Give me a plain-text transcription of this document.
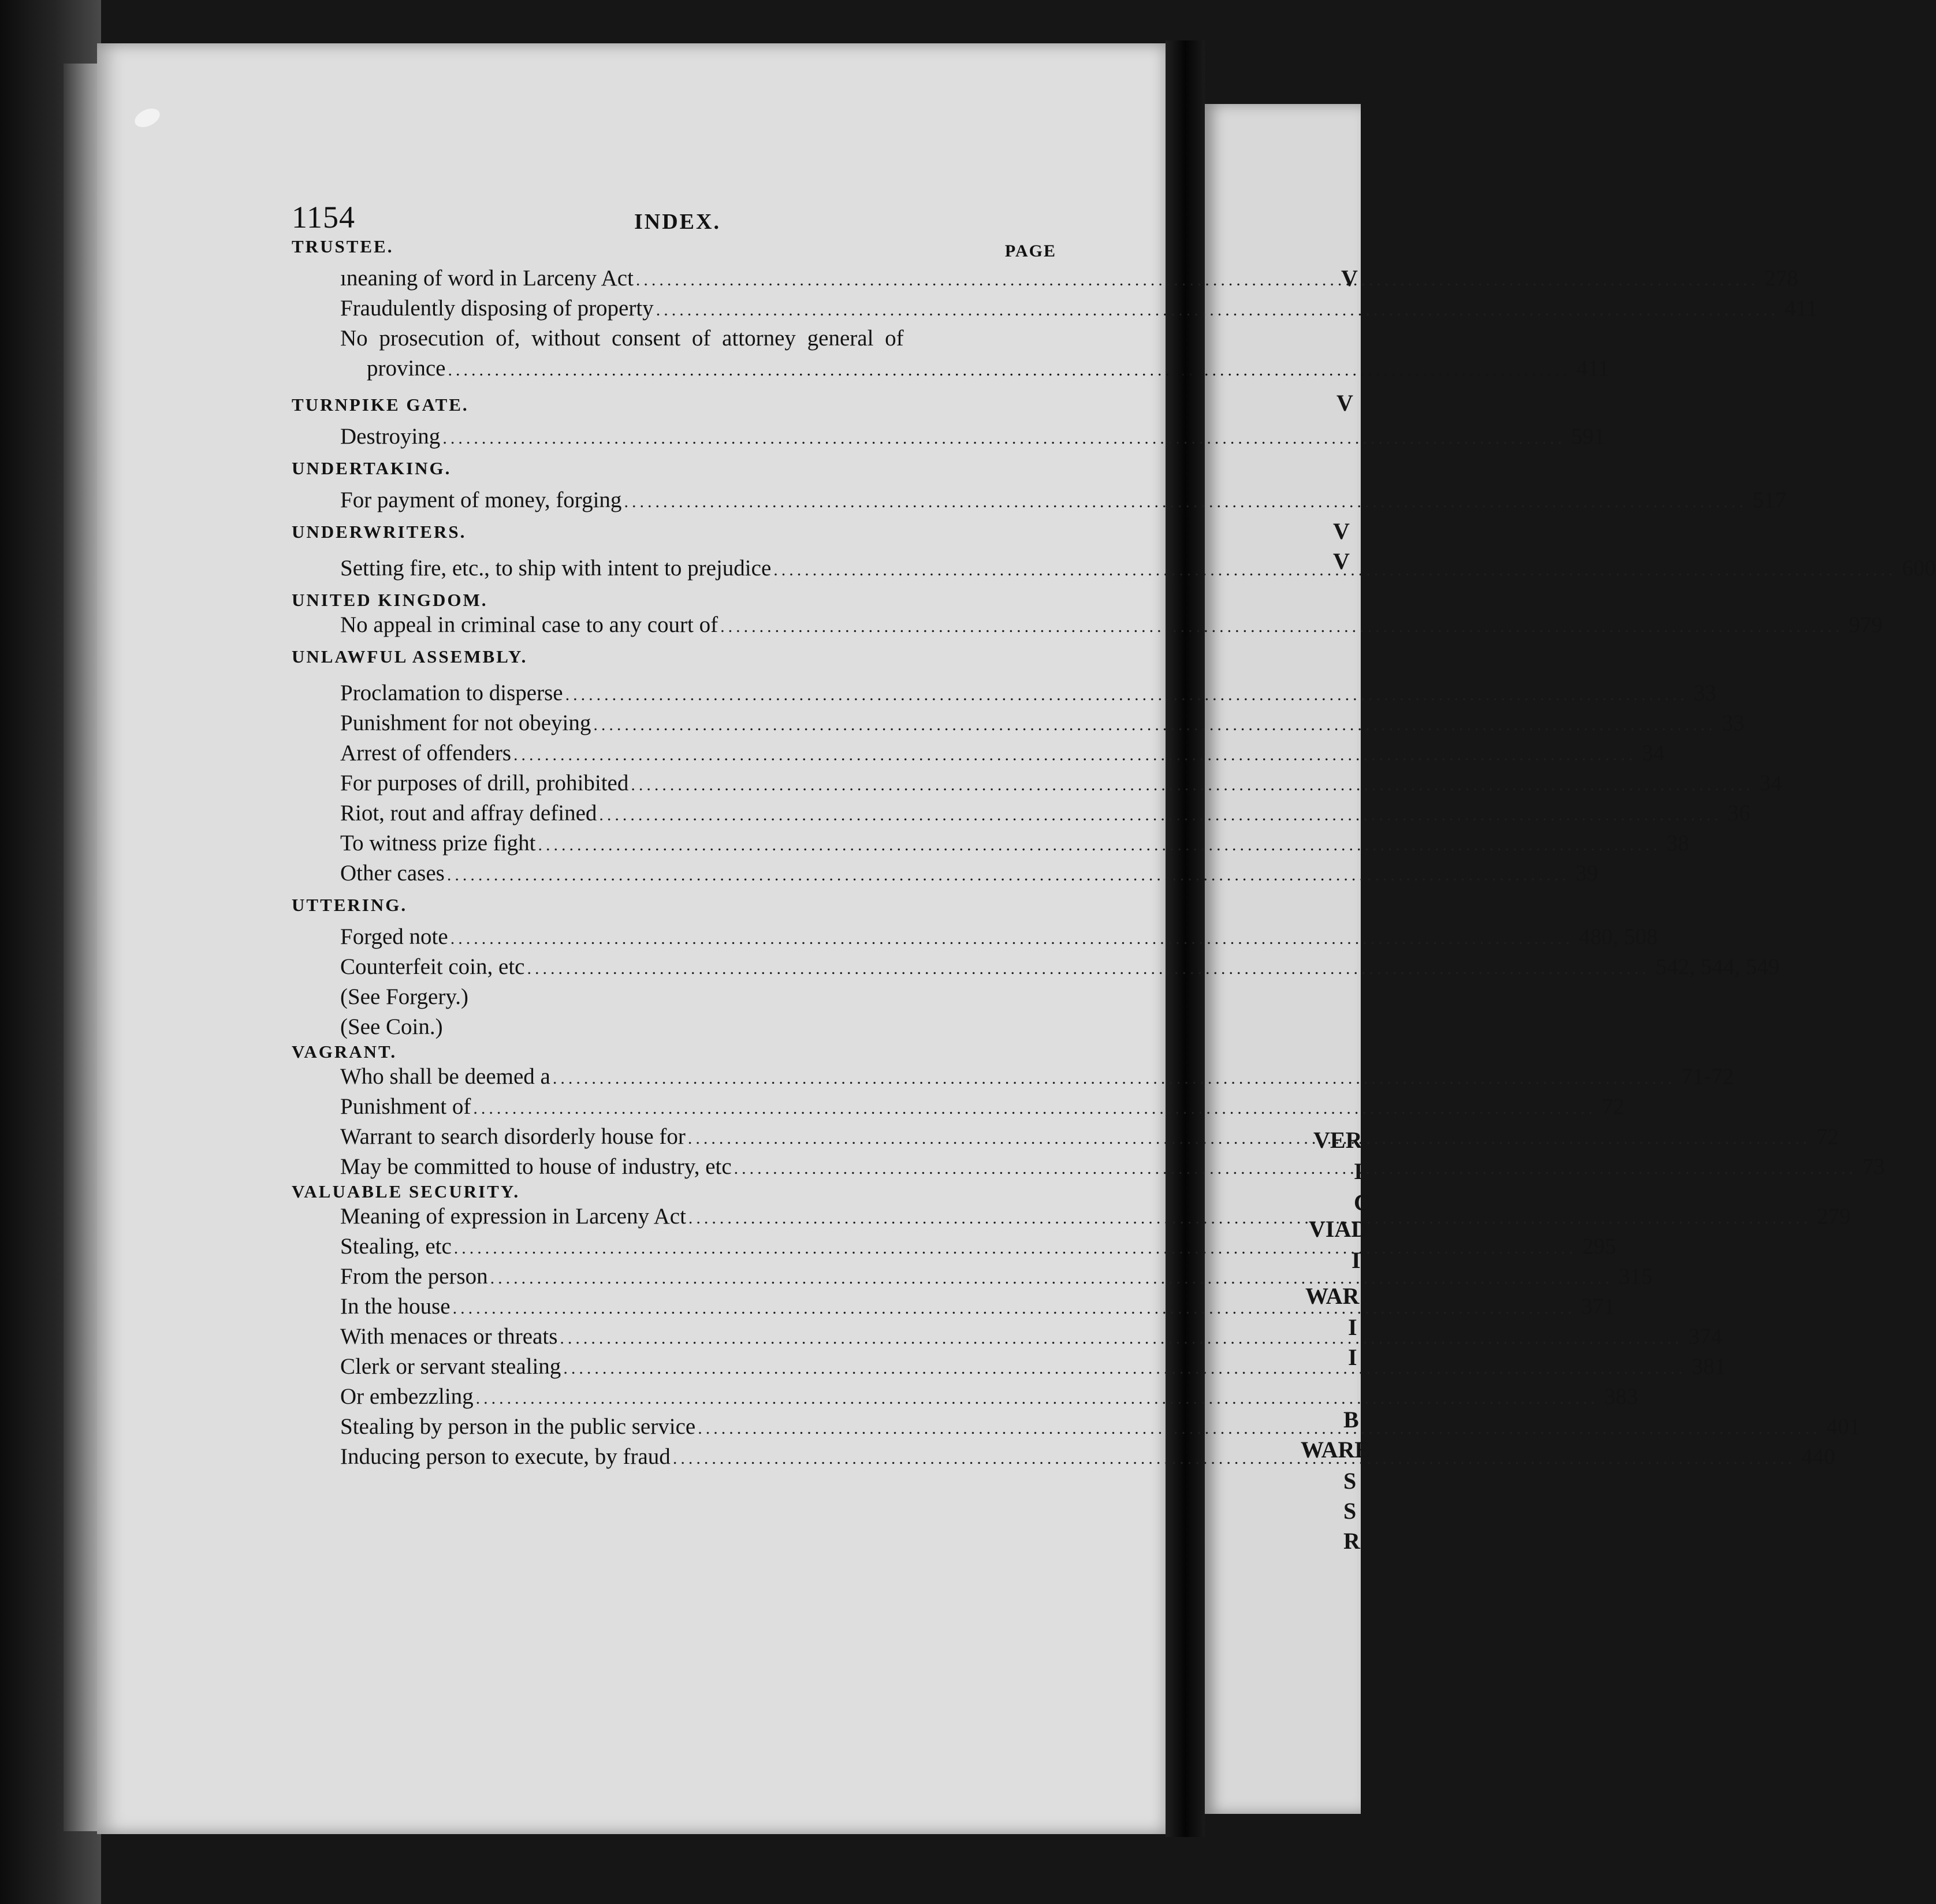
V
V
V
V
VER
I
C
VIAD
I
WAR
I
I
B
WARE
S
S
R
1154	INDEX.
PAGE
TRUSTEE.
ıneaning of word in Larceny Act .....	278
Fraudulently disposing of property .....	411
No prosecution of, without consent of attorney general of
province .....	411
TURNPIKE GATE.
Destroying .....	591
UNDERTAKING.
For payment of money, forging .....	517
UNDERWRITERS.
Setting fire, etc., to ship with intent to prejudice .....	600
UNITED KINGDOM.
No appeal in criminal case to any court of .....	979
UNLAWFUL ASSEMBLY.
Proclamation to disperse .....	33
Punishment for not obeying .....	33
Arrest of offenders .....	34
For purposes of drill, prohibited .....	34
Riot, rout and affray defined .....	36
To witness prize fight .....	38
Other cases .....	39
UTTERING.
Forged note .....	480, 508
Counterfeit coin, etc .....	542, 544, 549
(See Forgery.)
(See Coin.)
VAGRANT.
Who shall be deemed a .....	71-72
Punishment of .....	72
Warrant to search disorderly house for .....	72
May be committed to house of industry, etc .....	73
VALUABLE SECURITY.
Meaning of expression in Larceny Act .....	279
Stealing, etc .....	295
From the person .....	315
In the house .....	371
With menaces or threats .....	374
Clerk or servant stealing .....	381
Or embezzling .....	383
Stealing by person in the public service .....	401
Inducing person to execute, by fraud .....	440
